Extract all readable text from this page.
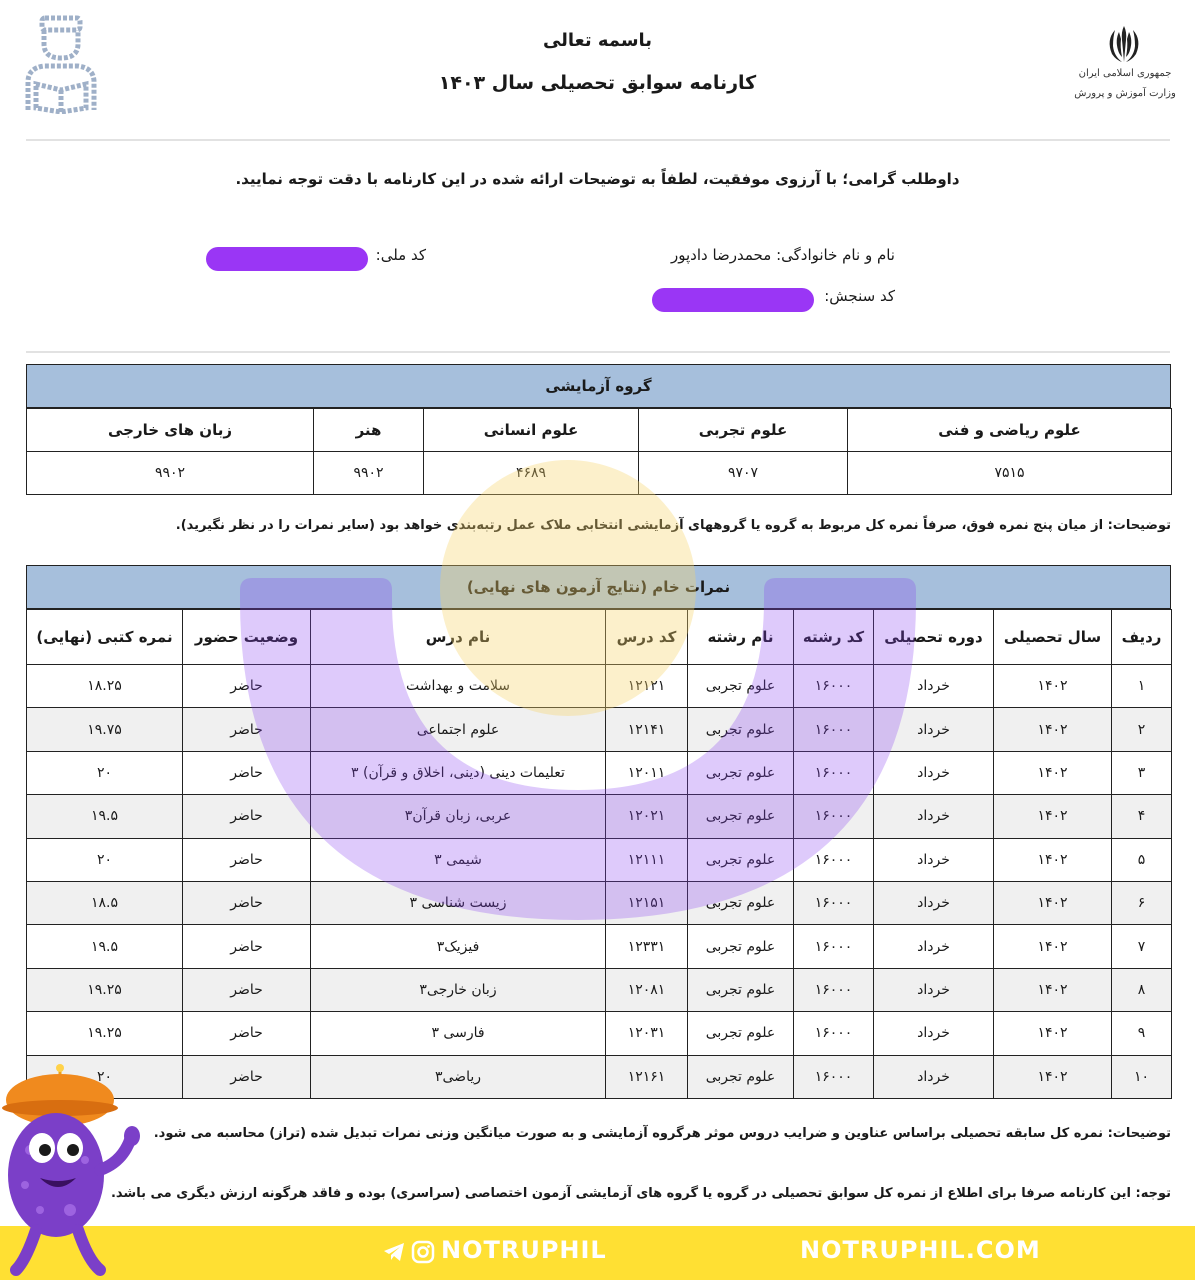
باسمه تعالی
کارنامه سوابق تحصیلی سال ۱۴۰۳	جمهوری اسلامی ایران
وزارت آموزش و پرورش
داوطلب گرامی؛ با آرزوی موفقیت، لطفاً به توضیحات ارائه شده در این کارنامه با دقت توجه نمایید.
نام و نام خانوادگی: محمدرضا دادپور
کد ملی:
کد سنجش:
گروه آزمایشی
علوم ریاضی و فنی	علوم تجربی	علوم انسانی	هنر	زبان های خارجی
۷۵۱۵	۹۷۰۷	۴۶۸۹	۹۹۰۲	۹۹۰۲
توضیحات: از میان پنج نمره فوق، صرفاً نمره کل مربوط به گروه یا گروههای آزمایشی انتخابی ملاک عمل رتبه‌بندی خواهد بود (سایر نمرات را در نظر نگیرید).
نمرات خام (نتایج آزمون های نهایی)
ردیف	سال تحصیلی	دوره تحصیلی	کد رشته	نام رشته	کد درس	نام درس	وضعیت حضور	نمره کتبی (نهایی)
۱	۱۴۰۲	خرداد	۱۶۰۰۰	علوم تجربی	۱۲۱۲۱	سلامت و بهداشت	حاضر	۱۸.۲۵
۲	۱۴۰۲	خرداد	۱۶۰۰۰	علوم تجربی	۱۲۱۴۱	علوم اجتماعی	حاضر	۱۹.۷۵
۳	۱۴۰۲	خرداد	۱۶۰۰۰	علوم تجربی	۱۲۰۱۱	تعلیمات دینی (دینی، اخلاق و قرآن) ۳	حاضر	۲۰
۴	۱۴۰۲	خرداد	۱۶۰۰۰	علوم تجربی	۱۲۰۲۱	عربی، زبان قرآن۳	حاضر	۱۹.۵
۵	۱۴۰۲	خرداد	۱۶۰۰۰	علوم تجربی	۱۲۱۱۱	شیمی ۳	حاضر	۲۰
۶	۱۴۰۲	خرداد	۱۶۰۰۰	علوم تجربی	۱۲۱۵۱	زیست شناسی ۳	حاضر	۱۸.۵
۷	۱۴۰۲	خرداد	۱۶۰۰۰	علوم تجربی	۱۲۳۳۱	فیزیک۳	حاضر	۱۹.۵
۸	۱۴۰۲	خرداد	۱۶۰۰۰	علوم تجربی	۱۲۰۸۱	زبان خارجی۳	حاضر	۱۹.۲۵
۹	۱۴۰۲	خرداد	۱۶۰۰۰	علوم تجربی	۱۲۰۳۱	فارسی ۳	حاضر	۱۹.۲۵
۱۰	۱۴۰۲	خرداد	۱۶۰۰۰	علوم تجربی	۱۲۱۶۱	ریاضی۳	حاضر	۲۰
توضیحات: نمره کل سابقه تحصیلی براساس عناوین و ضرایب دروس موثر هرگروه آزمایشی و به صورت میانگین وزنی نمرات تبدیل شده (تراز) محاسبه می شود.
توجه: این کارنامه صرفا برای اطلاع از نمره کل سوابق تحصیلی در گروه یا گروه های آزمایشی آزمون اختصاصی (سراسری) بوده و فاقد هرگونه ارزش دیگری می باشد.
NOTRUPHIL	NOTRUPHIL.COM
